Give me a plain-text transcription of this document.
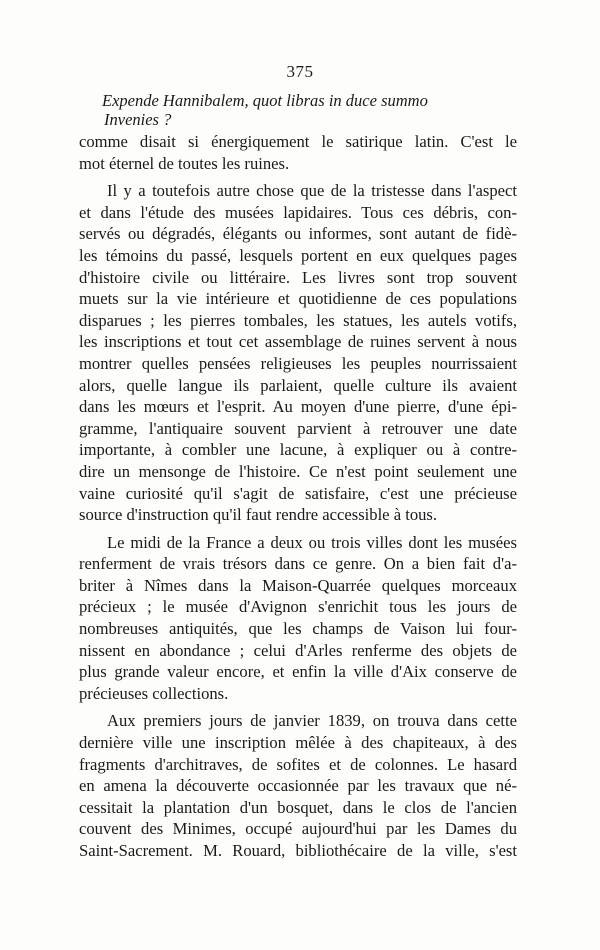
375
Expende Hannibalem, quot libras in duce summo
Invenies ?
comme disait si énergiquement le satirique latin. C'est le
mot éternel de toutes les ruines.
Il y a toutefois autre chose que de la tristesse dans l'aspect
et dans l'étude des musées lapidaires. Tous ces débris, con-
servés ou dégradés, élégants ou informes, sont autant de fidè-
les témoins du passé, lesquels portent en eux quelques pages
d'histoire civile ou littéraire. Les livres sont trop souvent
muets sur la vie intérieure et quotidienne de ces populations
disparues ; les pierres tombales, les statues, les autels votifs,
les inscriptions et tout cet assemblage de ruines servent à nous
montrer quelles pensées religieuses les peuples nourrissaient
alors, quelle langue ils parlaient, quelle culture ils avaient
dans les mœurs et l'esprit. Au moyen d'une pierre, d'une épi-
gramme, l'antiquaire souvent parvient à retrouver une date
importante, à combler une lacune, à expliquer ou à contre-
dire un mensonge de l'histoire. Ce n'est point seulement une
vaine curiosité qu'il s'agit de satisfaire, c'est une précieuse
source d'instruction qu'il faut rendre accessible à tous.
Le midi de la France a deux ou trois villes dont les musées
renferment de vrais trésors dans ce genre. On a bien fait d'a-
briter à Nîmes dans la Maison-Quarrée quelques morceaux
précieux ; le musée d'Avignon s'enrichit tous les jours de
nombreuses antiquités, que les champs de Vaison lui four-
nissent en abondance ; celui d'Arles renferme des objets de
plus grande valeur encore, et enfin la ville d'Aix conserve de
précieuses collections.
Aux premiers jours de janvier 1839, on trouva dans cette
dernière ville une inscription mêlée à des chapiteaux, à des
fragments d'architraves, de sofites et de colonnes. Le hasard
en amena la découverte occasionnée par les travaux que né-
cessitait la plantation d'un bosquet, dans le clos de l'ancien
couvent des Minimes, occupé aujourd'hui par les Dames du
Saint-Sacrement. M. Rouard, bibliothécaire de la ville, s'est
